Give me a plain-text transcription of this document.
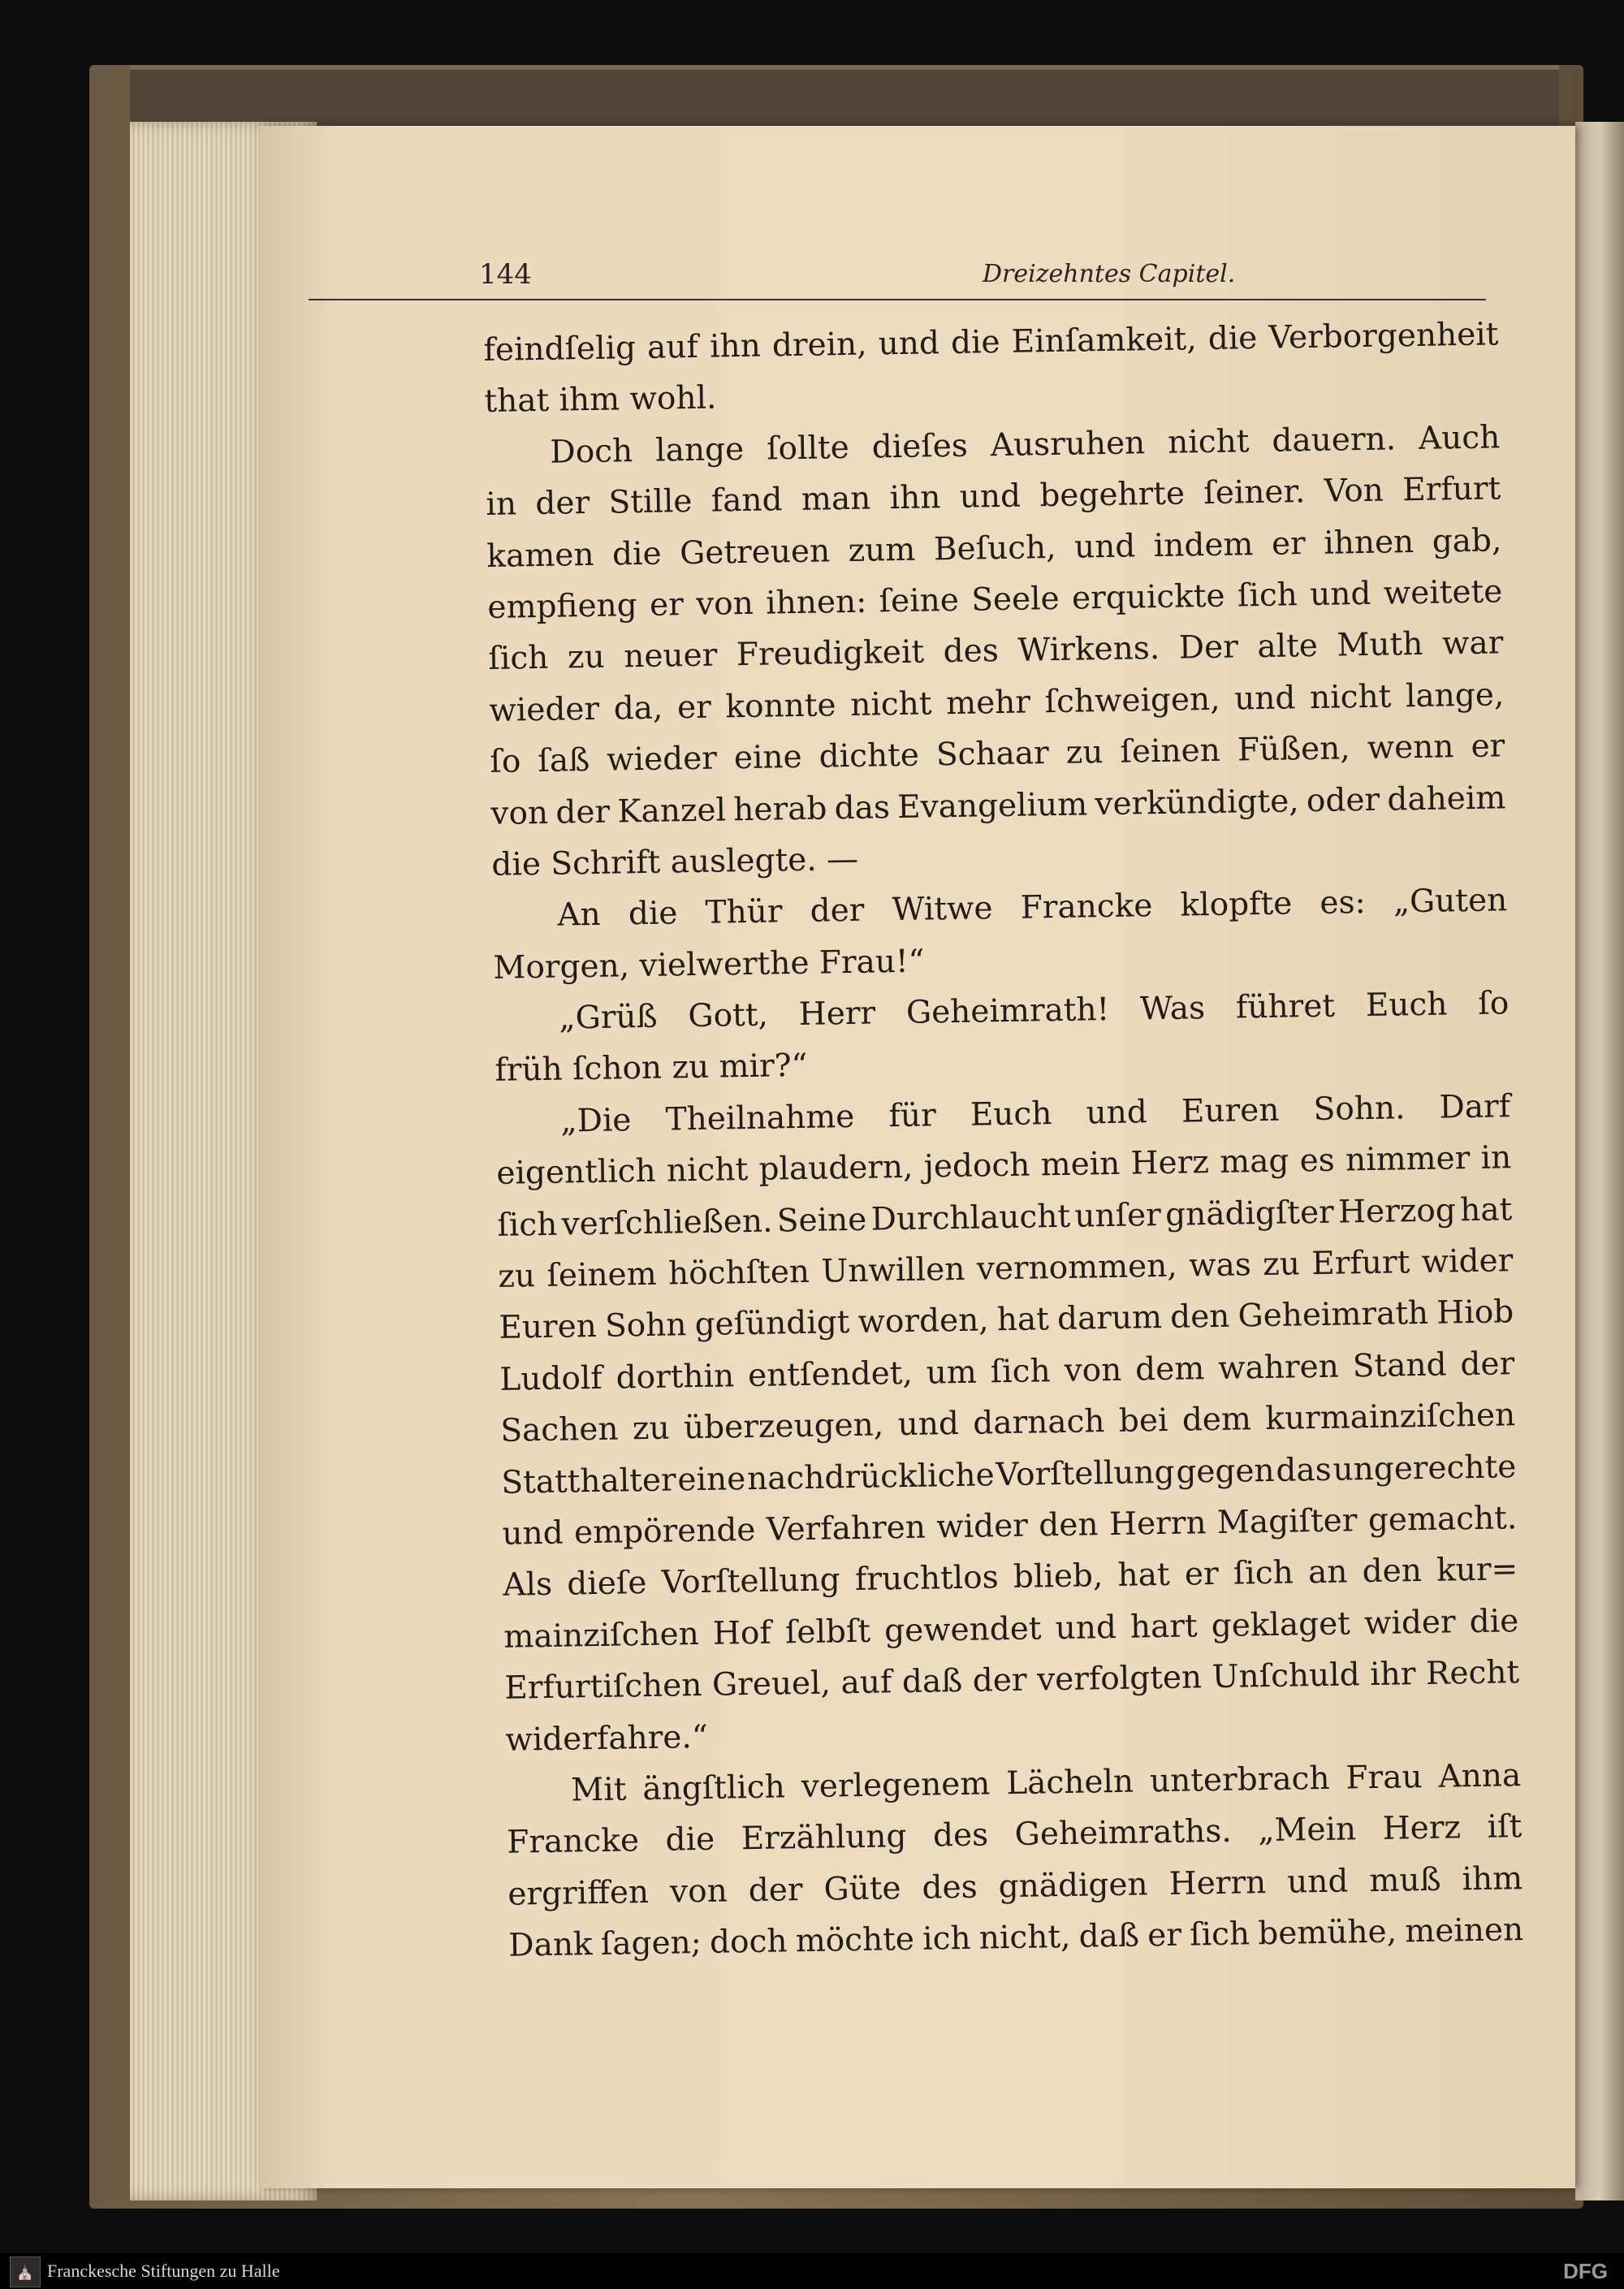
144	Dreizehntes Capitel.
feindſelig auf ihn drein, und die Einſamkeit, die Verborgenheit
that ihm wohl.
Doch lange ſollte dieſes Ausruhen nicht dauern. Auch
in der Stille fand man ihn und begehrte ſeiner. Von Erfurt
kamen die Getreuen zum Beſuch, und indem er ihnen gab,
empfieng er von ihnen: ſeine Seele erquickte ſich und weitete
ſich zu neuer Freudigkeit des Wirkens. Der alte Muth war
wieder da, er konnte nicht mehr ſchweigen, und nicht lange,
ſo ſaß wieder eine dichte Schaar zu ſeinen Füßen, wenn er
von der Kanzel herab das Evangelium verkündigte, oder daheim
die Schrift auslegte. —
An die Thür der Witwe Francke klopfte es: „Guten
Morgen, vielwerthe Frau!“
„Grüß Gott, Herr Geheimrath! Was führet Euch ſo
früh ſchon zu mir?“
„Die Theilnahme für Euch und Euren Sohn. Darf
eigentlich nicht plaudern, jedoch mein Herz mag es nimmer in
ſich verſchließen. Seine Durchlaucht unſer gnädigſter Herzog hat
zu ſeinem höchſten Unwillen vernommen, was zu Erfurt wider
Euren Sohn geſündigt worden, hat darum den Geheimrath Hiob
Ludolf dorthin entſendet, um ſich von dem wahren Stand der
Sachen zu überzeugen, und darnach bei dem kurmainziſchen
Statthalter eine nachdrückliche Vorſtellung gegen das ungerechte
und empörende Verfahren wider den Herrn Magiſter gemacht.
Als dieſe Vorſtellung fruchtlos blieb, hat er ſich an den kur=
mainziſchen Hof ſelbſt gewendet und hart geklaget wider die
Erfurtiſchen Greuel, auf daß der verfolgten Unſchuld ihr Recht
widerfahre.“
Mit ängſtlich verlegenem Lächeln unterbrach Frau Anna
Francke die Erzählung des Geheimraths. „Mein Herz iſt
ergriffen von der Güte des gnädigen Herrn und muß ihm
Dank ſagen; doch möchte ich nicht, daß er ſich bemühe, meinen
⛪ Franckesche Stiftungen zu Halle	DFG
